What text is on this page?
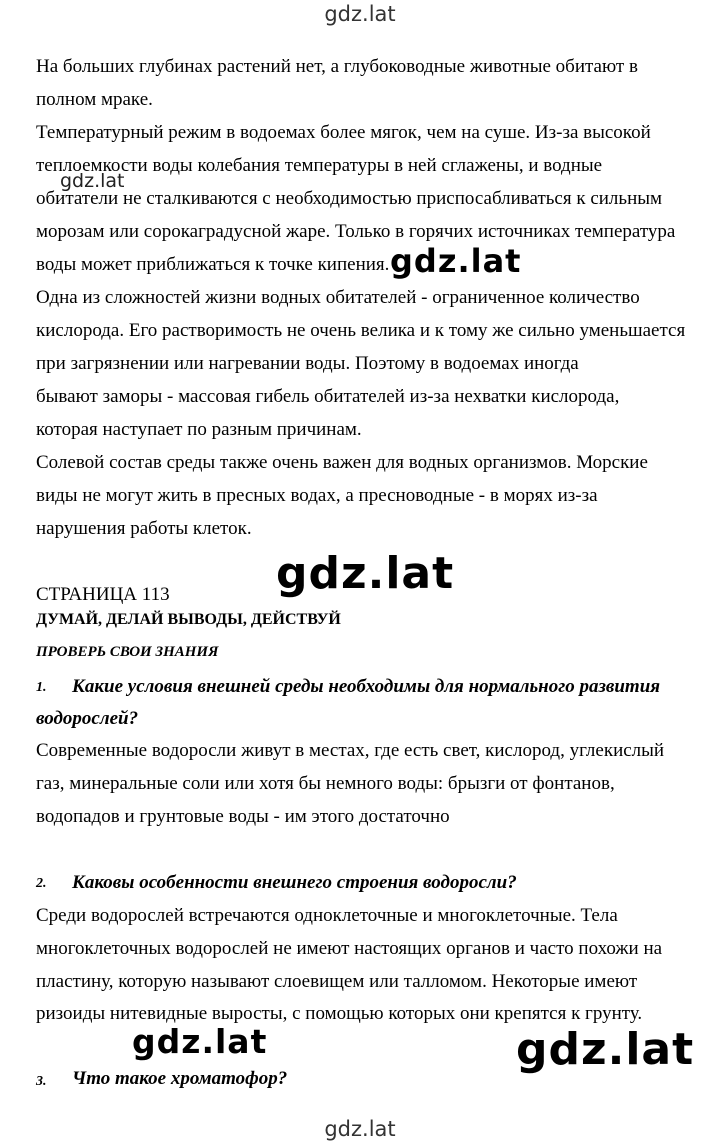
gdz.lat
gdz.lat
gdz.lat
gdz.lat
gdz.lat	gdz.lat
gdz.lat
На больших глубинах растений нет, а глубоководные животные обитают в
полном мраке.
Температурный режим в водоемах более мягок, чем на суше. Из-за высокой
теплоемкости воды колебания температуры в ней сглажены, и водные
обитатели не сталкиваются с необходимостью приспосабливаться к сильным
морозам или сорокаградусной жаре. Только в горячих источниках температура
воды может приближаться к точке кипения.
Одна из сложностей жизни водных обитателей - ограниченное количество
кислорода. Его растворимость не очень велика и к тому же сильно уменьшается
при загрязнении или нагревании воды. Поэтому в водоемах иногда
бывают заморы - массовая гибель обитателей из-за нехватки кислорода,
которая наступает по разным причинам.
Солевой состав среды также очень важен для водных организмов. Морские
виды не могут жить в пресных водах, а пресноводные - в морях из-за
нарушения работы клеток.
СТРАНИЦА 113
ДУМАЙ, ДЕЛАЙ ВЫВОДЫ, ДЕЙСТВУЙ
ПРОВЕРЬ СВОИ ЗНАНИЯ
1. Какие условия внешней среды необходимы для нормального развития
водорослей?
Современные водоросли живут в местах, где есть свет, кислород, углекислый
газ, минеральные соли или хотя бы немного воды: брызги от фонтанов,
водопадов и грунтовые воды - им этого достаточно
2. Каковы особенности внешнего строения водоросли?
Среди водорослей встречаются одноклеточные и многоклеточные. Тела
многоклеточных водорослей не имеют настоящих органов и часто похожи на
пластину, которую называют слоевищем или талломом. Некоторые имеют
ризоиды нитевидные выросты, с помощью которых они крепятся к грунту.
3. Что такое хроматофор?
